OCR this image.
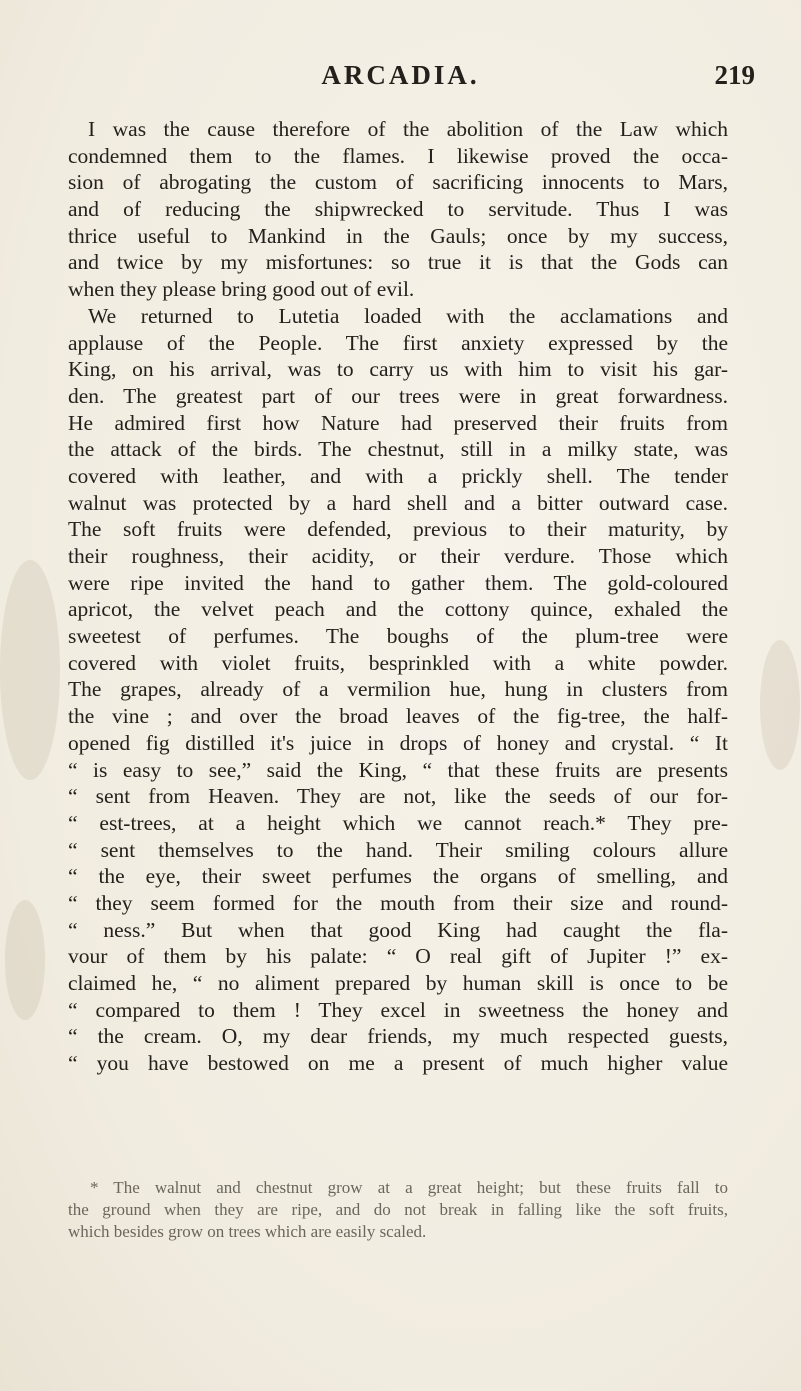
ARCADIA.	219
I was the cause therefore of the abolition of the Law which
condemned them to the flames. I likewise proved the occa-
sion of abrogating the custom of sacrificing innocents to Mars,
and of reducing the shipwrecked to servitude. Thus I was
thrice useful to Mankind in the Gauls; once by my success,
and twice by my misfortunes: so true it is that the Gods can
when they please bring good out of evil.
We returned to Lutetia loaded with the acclamations and
applause of the People. The first anxiety expressed by the
King, on his arrival, was to carry us with him to visit his gar-
den. The greatest part of our trees were in great forwardness.
He admired first how Nature had preserved their fruits from
the attack of the birds. The chestnut, still in a milky state, was
covered with leather, and with a prickly shell. The tender
walnut was protected by a hard shell and a bitter outward case.
The soft fruits were defended, previous to their maturity, by
their roughness, their acidity, or their verdure. Those which
were ripe invited the hand to gather them. The gold-coloured
apricot, the velvet peach and the cottony quince, exhaled the
sweetest of perfumes. The boughs of the plum-tree were
covered with violet fruits, besprinkled with a white powder.
The grapes, already of a vermilion hue, hung in clusters from
the vine ; and over the broad leaves of the fig-tree, the half-
opened fig distilled it's juice in drops of honey and crystal. “ It
“ is easy to see,” said the King, “ that these fruits are presents
“ sent from Heaven. They are not, like the seeds of our for-
“ est-trees, at a height which we cannot reach.* They pre-
“ sent themselves to the hand. Their smiling colours allure
“ the eye, their sweet perfumes the organs of smelling, and
“ they seem formed for the mouth from their size and round-
“ ness.” But when that good King had caught the fla-
vour of them by his palate: “ O real gift of Jupiter !” ex-
claimed he, “ no aliment prepared by human skill is once to be
“ compared to them ! They excel in sweetness the honey and
“ the cream. O, my dear friends, my much respected guests,
“ you have bestowed on me a present of much higher value
* The walnut and chestnut grow at a great height; but these fruits fall to
the ground when they are ripe, and do not break in falling like the soft fruits,
which besides grow on trees which are easily scaled.
